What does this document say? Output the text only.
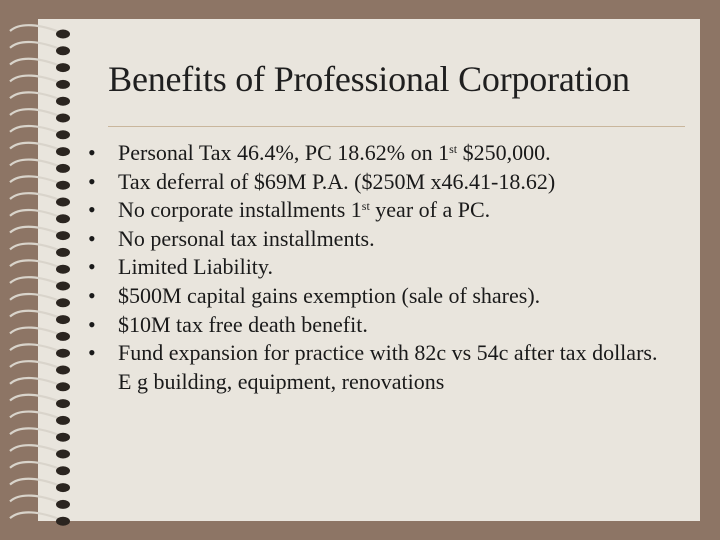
Benefits of Professional Corporation
• Personal Tax 46.4%, PC 18.62% on 1st $250,000.
• Tax deferral of $69M P.A. ($250M x46.41-18.62)
• No corporate installments 1st year of a PC.
• No personal tax installments.
• Limited Liability.
• $500M capital gains exemption (sale of shares).
• $10M tax free death benefit.
• Fund expansion for practice with 82c vs 54c after tax dollars. E g building, equipment, renovations
